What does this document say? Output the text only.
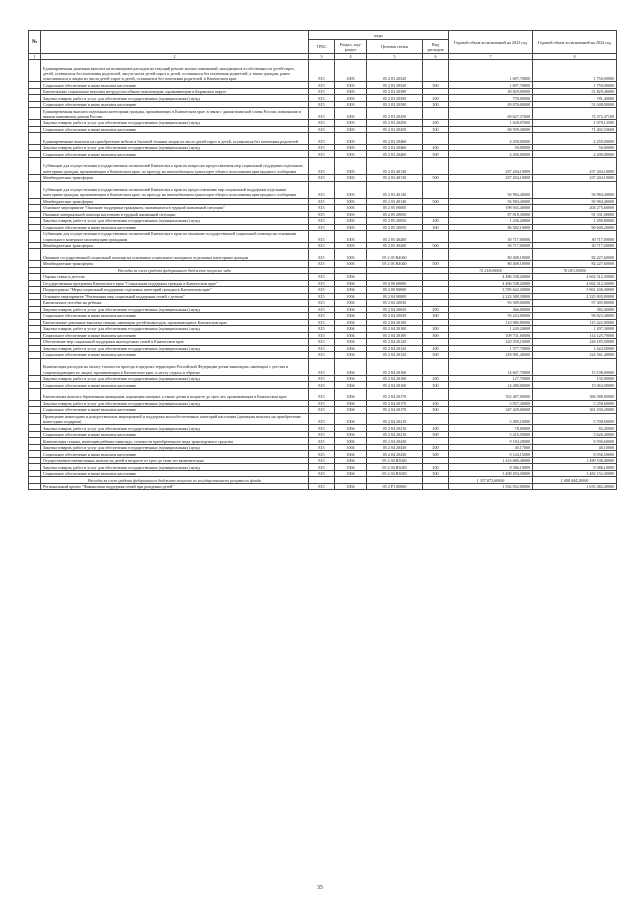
№		коды				Годовой объем ассигнований на 2023 год	Годовой объем ассигнований на 2024 год
		ГРБС	Раздел, под-раздел	Целевая статья	Вид расходов		
1	2	3	4	5	6	7	8
	Единовременная денежная выплата на возмещение расходов на текущий ремонт жилых помещений, находящихся в собственности детей-сирот, детей, оставшихся без попечения родителей, лиц из числа детей-сирот и детей, оставшихся без попечения родителей, а также граждан, ранее относившихся к лицам из числа детей-сирот и детей, оставшихся без попечения родителей, в Камчатском крае	815	1003	05 2 03 20320		1 697,70000	1 750,00000
	Социальное обеспечение и иные выплаты населению	815	1003	05 2 03 20320	300	1 697,70000	1 750,00000
	Ежемесячные социальные выплаты нетрудоспособным пенсионерам, проживающим в Корякском округе	815	1003	05 2 03 20390		49 829,00000	51 829,40000
	Закупка товаров, работ и услуг для обеспечения государственных (муниципальных) нужд	815	1003	05 2 03 20390	200	759,00000	781,40000
	Социальное обеспечение и иные выплаты населению	815	1003	05 2 03 20390	300	49 070,00000	51 048,00000
	Единовременная выплата отдельным категориям граждан, проживающих в Камчатском крае, в связи с днями воинской славы России, памятными и иными значимыми датами России	815	1003	05 2 03 20450		69 627,37600	72 472,47100
	Закупка товаров, работ и услуг для обеспечения государственных (муниципальных) нужд	815	1003	05 2 03 20450	200	1 028,07600	1 070,13500
	Социальное обеспечение и иные выплаты населению	815	1003	05 2 03 20450	300	68 599,30000	71 402,33600
	Единовременные выплаты на приобретение мебели и бытовой техники лицам из числа детей-сирот и детей, оставшихся без попечения родителей	815	1003	05 2 03 20460		4 250,00000	4 250,00000
	Закупка товаров, работ и услуг для обеспечения государственных (муниципальных) нужд	815	1003	05 2 03 20460	200	50,00000	50,00000
	Социальное обеспечение и иные выплаты населению	815	1003	05 2 03 20460	300	4 200,00000	4 200,00000
	Субвенции для осуществления государственных полномочий Камчатского края по вопросам предоставления мер социальной поддержки отдельным категориям граждан, проживающим в Камчатском крае, по проезду на автомобильном транспорте общего пользования пригородного сообщения	815	1003	05 2 03 40130		237 204,10000	237 204,10000
	Межбюджетные трансферты	815	1003	05 2 03 40130	500	237 204,10000	237 204,10000
	Субвенции для осуществления государственных полномочий Камчатского края по предоставлению мер социальной поддержки отдельным категориям граждан, проживающим в Камчатском крае, по проезду на автомобильном транспорте общего пользования пригородного сообщения	815	1003	05 2 03 40140		56 984,40000	56 984,40000
	Межбюджетные трансферты	815	1003	05 2 03 40140	500	56 984,40000	56 984,40000
	Основное мероприятие "Оказание поддержки гражданам, оказавшимся в трудной жизненной ситуации"	815	1003	05 2 05 00000		198 945,40000	204 275,60000
	Оказание материальной помощи населению в трудной жизненной ситуации	815	1003	05 2 05 20050		87 818,30000	91 331,00000
	Закупка товаров, работ и услуг для обеспечения государственных (муниципальных) нужд	815	1003	05 2 05 20050	200	1 236,20000	1 290,80000
	Социальное обеспечение и иные выплаты населению	815	1003	05 2 05 20050	300	86 582,10000	90 040,20000
	Субвенции для осуществления государственных полномочий Камчатского края по оказанию государственной социальной помощи на основании социального контракта малоимущим гражданам	815	1003	05 2 05 40260		30 717,00000	30 717,00000
	Межбюджетные трансферты	815	1003	05 2 05 40260	500	30 717,00000	30 717,00000
	Оказание государственной социальной помощи на основании социального контракта отдельным категориям граждан	815	1003	05 2 05 R4040		80 408,10000	82 227,60000
	Межбюджетные трансферты	815	1003	05 2 05 R4040	500	80 408,10000	82 227,60000
	Расходы за счет средств федерального бюджета получено либо					72 218,00000	76 053,50000
	Охрана семьи и детства	815	1004			4 486 538,20000	4 662 312,30000
	Государственная программа Камчатского края "Социальная поддержка граждан в Камчатском крае"	815	1004	05 0 00 00000		4 486 538,20000	4 662 312,30000
	Подпрограмма "Меры социальной поддержки отдельных категорий граждан в Камчатском крае"	815	1004	05 2 00 00000		3 785 642,20000	3 961 436,30000
	Основное мероприятие "Реализация мер социальной поддержки семей с детьми"	815	1004	05 2 04 00000		2 223 388,30000	2 325 905,00000
	Ежемесячное пособие на ребенка	815	1004	05 2 04 20030		93 589,00000	97 305,80000
	Закупка товаров, работ и услуг для обеспечения государственных (муниципальных) нужд	815	1004	05 2 04 20030	200	366,00000	382,40000
	Социальное обеспечение и иные выплаты населению	815	1004	05 2 04 20030	300	93 223,00000	96 923,40000
	Ежемесячные денежные выплаты семьям, имеющим детей-инвалидов, проживающим в Камчатском крае	815	1004	05 2 04 20100		110 980,80000	115 422,00000
	Закупка товаров, работ и услуг для обеспечения государственных (муниципальных) нужд	815	1004	05 2 04 20100	200	1 249,20000	1 297,30000
	Социальное обеспечение и иные выплаты населению	815	1004	05 2 04 20100	300	109 731,60000	114 125,70000
	Обеспечение мер социальной поддержки многодетных семей в Камчатском крае	815	1004	05 2 04 20120		220 559,10000	226 185,90000
	Закупка товаров, работ и услуг для обеспечения государственных (муниципальных) нужд	815	1004	05 2 04 20120	200	1 577,70000	1 624,50000
	Социальное обеспечение и иные выплаты населению	815	1004	05 2 04 20120	300	218 981,40000	224 561,40000
	Компенсация расходов на оплату стоимости проезда в пределах территории Российской Федерации детям-инвалидам, имеющим с детства и сопровождающим их лицам, проживающим в Камчатском крае, к месту отдыха и обратно	815	1004	05 2 04 20160		14 607,70000	15 198,00000
	Закупка товаров, работ и услуг для обеспечения государственных (муниципальных) нужд	815	1004	05 2 04 20160	200	127,70000	135,00000
	Социальное обеспечение и иные выплаты населению	815	1004	05 2 04 20160	300	14 480,00000	15 063,00000
	Ежемесячная выплата беременным женщинам, кормящим матерям, а также детям в возрасте до трех лет, проживающим в Камчатском крае	815	1004	05 2 04 20170		352 487,00000	366 588,80000
	Закупка товаров, работ и услуг для обеспечения государственных (муниципальных) нужд	815	1004	05 2 04 20170	200	5 057,40000	5 258,60000
	Социальное обеспечение и иные выплаты населению	815	1004	05 2 04 20170	300	347 429,60000	361 330,20000
	Проведение новогодних и рождественских мероприятий и поддержка малообеспеченных категорий населения (денежная выплата на приобретение новогодних подарков)	815	1004	05 2 04 20210		5 489,10000	5 708,60000
	Закупка товаров, работ и услуг для обеспечения государственных (муниципальных) нужд	815	1004	05 2 04 20210	200	78,60000	82,20000
	Социальное обеспечение и иные выплаты населению	815	1004	05 2 04 20210	300	5 410,50000	5 626,40000
	Компенсация семьям, имеющим ребенка-инвалида, стоимости приобретенного вида транспортного средства	815	1004	05 2 04 20430		9 184,20000	8 596,60000
	Закупка товаров, работ и услуг для обеспечения государственных (муниципальных) нужд	815	1004	05 2 04 20430	200	40,17000	40,10000
	Социальное обеспечение и иные выплаты населению	815	1004	05 2 04 20430	300	9 144,15000	8 556,50000
	Осуществление ежемесячных выплат на детей в возрасте от трех до семи лет включительно	815	1004	05 2 04 R3020		1 416 680,40000	1 490 538,40000
	Закупка товаров, работ и услуг для обеспечения государственных (муниципальных) нужд	815	1004	05 2 04 R3020	200	8 386,10000	8 386,10000
	Социальное обеспечение и иные выплаты населению	815	1004	05 2 04 R3020	300	1 408 294,30000	1 482 152,30000
	Расходы за счет средств федерального бюджета получено из государственного резервного фонда					1 357 873,60000	1 408 044,20000
	Региональный проект "Финансовая поддержка семей при рождении детей"	815	1004	05 2 P1 00000		1 562 052,00000	1 635 482,40000
35
